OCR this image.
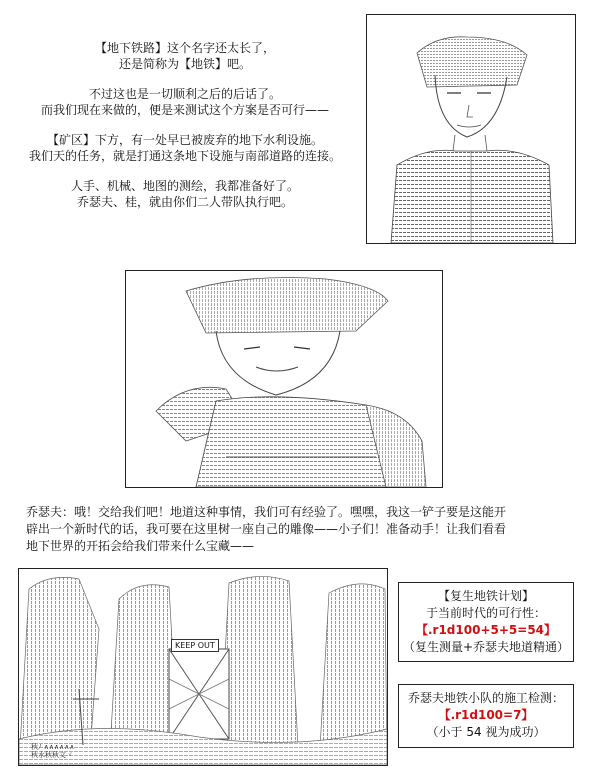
【地下铁路】这个名字还太长了，

还是简称为【地铁】吧。

不过这也是一切顺利之后的后话了。

而我们现在来做的，便是来测试这个方案是否可行——

【矿区】下方，有一处早已被废弃的地下水利设施。

我们天的任务，就是打通这条地下设施与南部道路的连接。

人手、机械、地图的测绘，我都准备好了。

乔瑟夫、桂，就由你们二人带队执行吧。

乔瑟夫：哦！交给我们吧！地道这种事情，我们可有经验了。嘿嘿，我这一铲子要是这能开

辟出一个新时代的话，我可要在这里树一座自己的雕像——小子们！准备动手！让我们看看

地下世界的开拓会给我们带来什么宝藏——

KEEP OUT
秋ﾉ ∧∧∧∧∧∧
秋水秋秋文ヾ

【复生地铁计划】

于当前时代的可行性：

【.r1d100+5+5=54】

（复生测量+乔瑟夫地道精通）

乔瑟夫地铁小队的施工检测：

【.r1d100=7】

（小于 54 视为成功）
